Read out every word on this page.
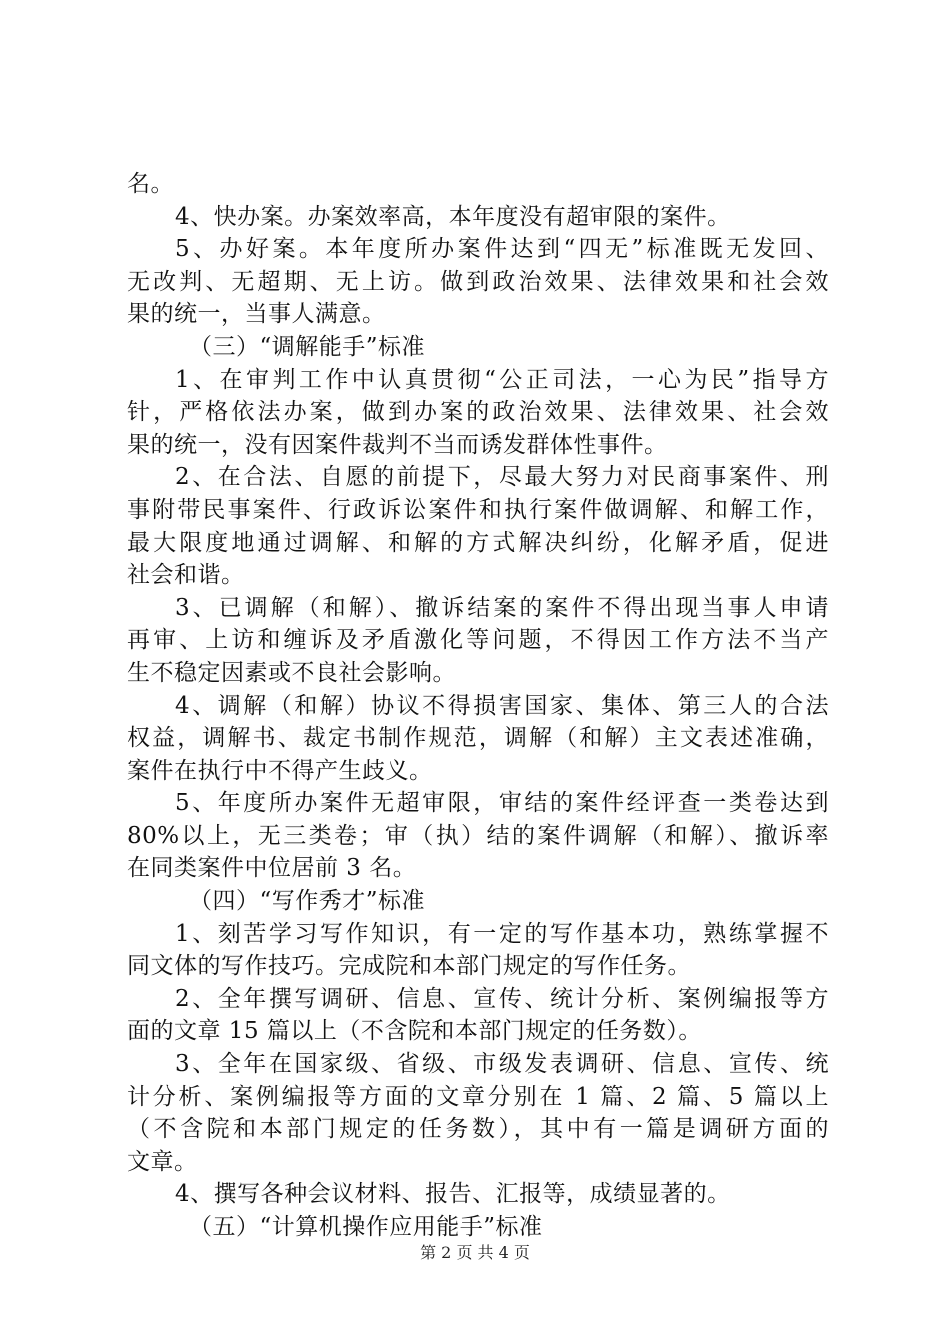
名。
4、快办案。办案效率高，本年度没有超审限的案件。
5、办好案。本年度所办案件达到“四无”标准既无发回、
无改判、无超期、无上访。做到政治效果、法律效果和社会效
果的统一，当事人满意。
（三）“调解能手”标准
1、在审判工作中认真贯彻“公正司法，一心为民”指导方
针，严格依法办案，做到办案的政治效果、法律效果、社会效
果的统一，没有因案件裁判不当而诱发群体性事件。
2、在合法、自愿的前提下，尽最大努力对民商事案件、刑
事附带民事案件、行政诉讼案件和执行案件做调解、和解工作，
最大限度地通过调解、和解的方式解决纠纷，化解矛盾，促进
社会和谐。
3、已调解（和解）、撤诉结案的案件不得出现当事人申请
再审、上访和缠诉及矛盾激化等问题，不得因工作方法不当产
生不稳定因素或不良社会影响。
4、调解（和解）协议不得损害国家、集体、第三人的合法
权益，调解书、裁定书制作规范，调解（和解）主文表述准确，
案件在执行中不得产生歧义。
5、年度所办案件无超审限，审结的案件经评查一类卷达到
80%以上，无三类卷；审（执）结的案件调解（和解）、撤诉率
在同类案件中位居前 3 名。
（四）“写作秀才”标准
1、刻苦学习写作知识，有一定的写作基本功，熟练掌握不
同文体的写作技巧。完成院和本部门规定的写作任务。
2、全年撰写调研、信息、宣传、统计分析、案例编报等方
面的文章 15 篇以上（不含院和本部门规定的任务数）。
3、全年在国家级、省级、市级发表调研、信息、宣传、统
计分析、案例编报等方面的文章分别在 1 篇、2 篇、5 篇以上
（不含院和本部门规定的任务数），其中有一篇是调研方面的
文章。
4、撰写各种会议材料、报告、汇报等，成绩显著的。
（五）“计算机操作应用能手”标准
第 2 页 共 4 页
